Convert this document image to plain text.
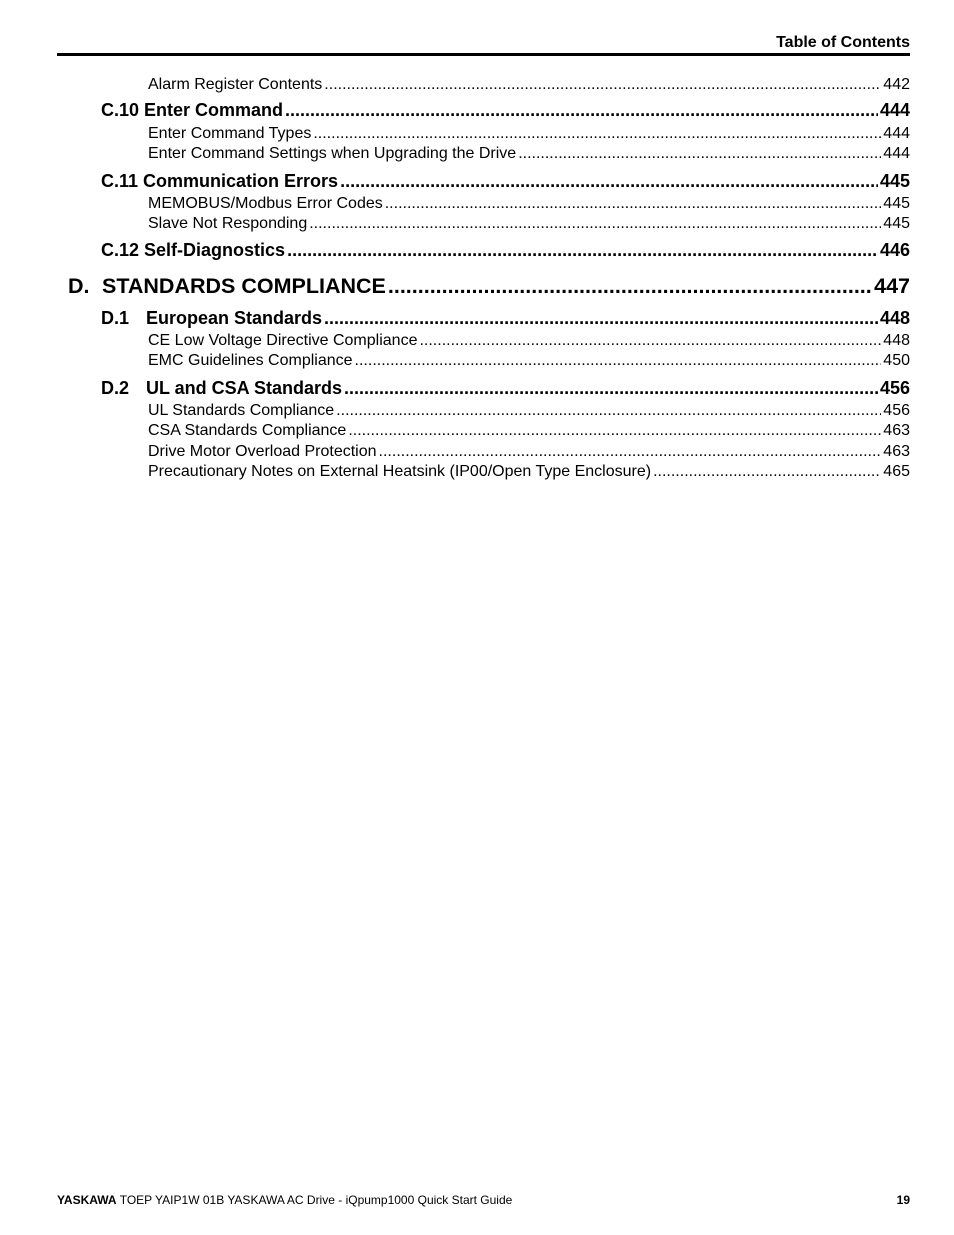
Table of Contents
Alarm Register Contents .....	442
C.10 Enter Command .....	444
Enter Command Types .....	444
Enter Command Settings when Upgrading the Drive .....	444
C.11 Communication Errors .....	445
MEMOBUS/Modbus Error Codes .....	445
Slave Not Responding .....	445
C.12 Self-Diagnostics .....	446
D. STANDARDS COMPLIANCE .....	447
D.1 European Standards .....	448
CE Low Voltage Directive Compliance .....	448
EMC Guidelines Compliance .....	450
D.2 UL and CSA Standards .....	456
UL Standards Compliance .....	456
CSA Standards Compliance .....	463
Drive Motor Overload Protection .....	463
Precautionary Notes on External Heatsink (IP00/Open Type Enclosure) .....	465
YASKAWA TOEP YAIP1W 01B YASKAWA AC Drive - iQpump1000 Quick Start Guide	19
